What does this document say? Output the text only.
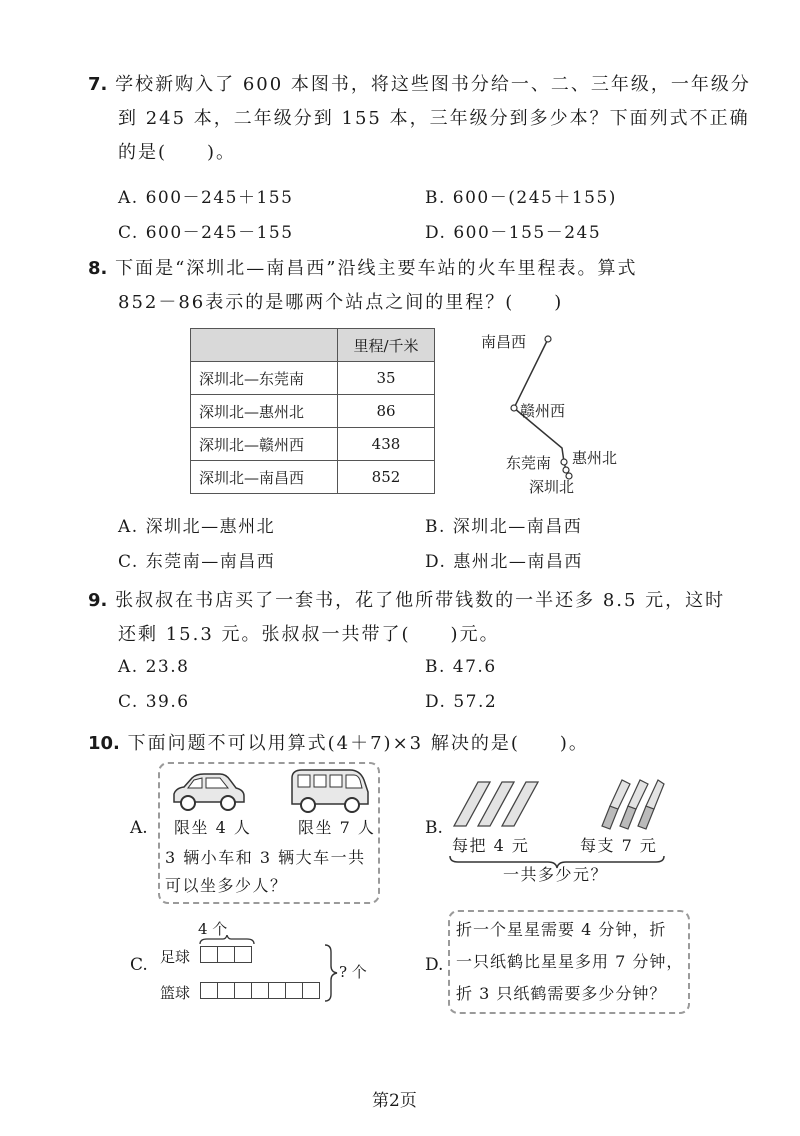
7. 学校新购入了 600 本图书，将这些图书分给一、二、三年级，一年级分
到 245 本，二年级分到 155 本，三年级分到多少本？下面列式不正确
的是(　　)。
A. 600－245＋155	B. 600－(245＋155)
C. 600－245－155	D. 600－155－245
8. 下面是“深圳北—南昌西”沿线主要车站的火车里程表。算式
852－86表示的是哪两个站点之间的里程？(　　)
	里程/千米
深圳北—东莞南	35
深圳北—惠州北	86
深圳北—赣州西	438
深圳北—南昌西	852
南昌西
赣州西
东莞南 惠州北
深圳北
A. 深圳北—惠州北	B. 深圳北—南昌西
C. 东莞南—南昌西	D. 惠州北—南昌西
9. 张叔叔在书店买了一套书，花了他所带钱数的一半还多 8.5 元，这时
还剩 15.3 元。张叔叔一共带了(　　)元。
A. 23.8	B. 47.6
C. 39.6	D. 57.2
10. 下面问题不可以用算式(4＋7)×3 解决的是(　　)。
A. 限坐 4 人	限坐 7 人
3 辆小车和 3 辆大车一共
可以坐多少人？
B.
每把 4 元	每支 7 元
一共多少元？
C.
4 个
足球
篮球
? 个	D.
折一个星星需要 4 分钟，折
一只纸鹤比星星多用 7 分钟，
折 3 只纸鹤需要多少分钟？
第2页
